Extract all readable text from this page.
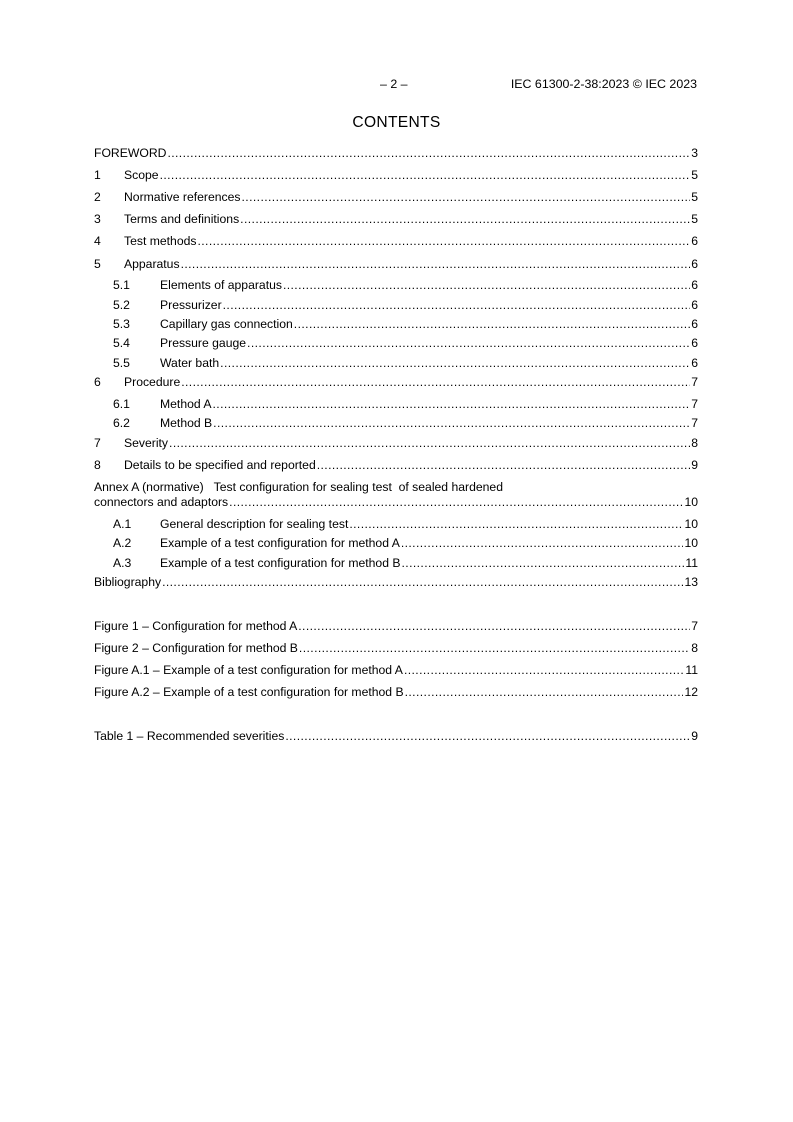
– 2 –	IEC 61300-2-38:2023 © IEC 2023
CONTENTS
FOREWORD .....	3
1	Scope .....	5
2	Normative references .....	5
3	Terms and definitions .....	5
4	Test methods .....	6
5	Apparatus .....	6
5.1	Elements of apparatus .....	6
5.2	Pressurizer .....	6
5.3	Capillary gas connection .....	6
5.4	Pressure gauge .....	6
5.5	Water bath .....	6
6	Procedure .....	7
6.1	Method A .....	7
6.2	Method B .....	7
7	Severity .....	8
8	Details to be specified and reported .....	9
Annex A (normative)   Test configuration for sealing test  of sealed hardened
connectors and adaptors .....	10
A.1	General description for sealing test .....	10
A.2	Example of a test configuration for method A .....	10
A.3	Example of a test configuration for method B .....	11
Bibliography .....	13
Figure 1 – Configuration for method A .....	7
Figure 2 – Configuration for method B .....	8
Figure A.1 – Example of a test configuration for method A .....	11
Figure A.2 – Example of a test configuration for method B .....	12
Table 1 – Recommended severities .....	9
